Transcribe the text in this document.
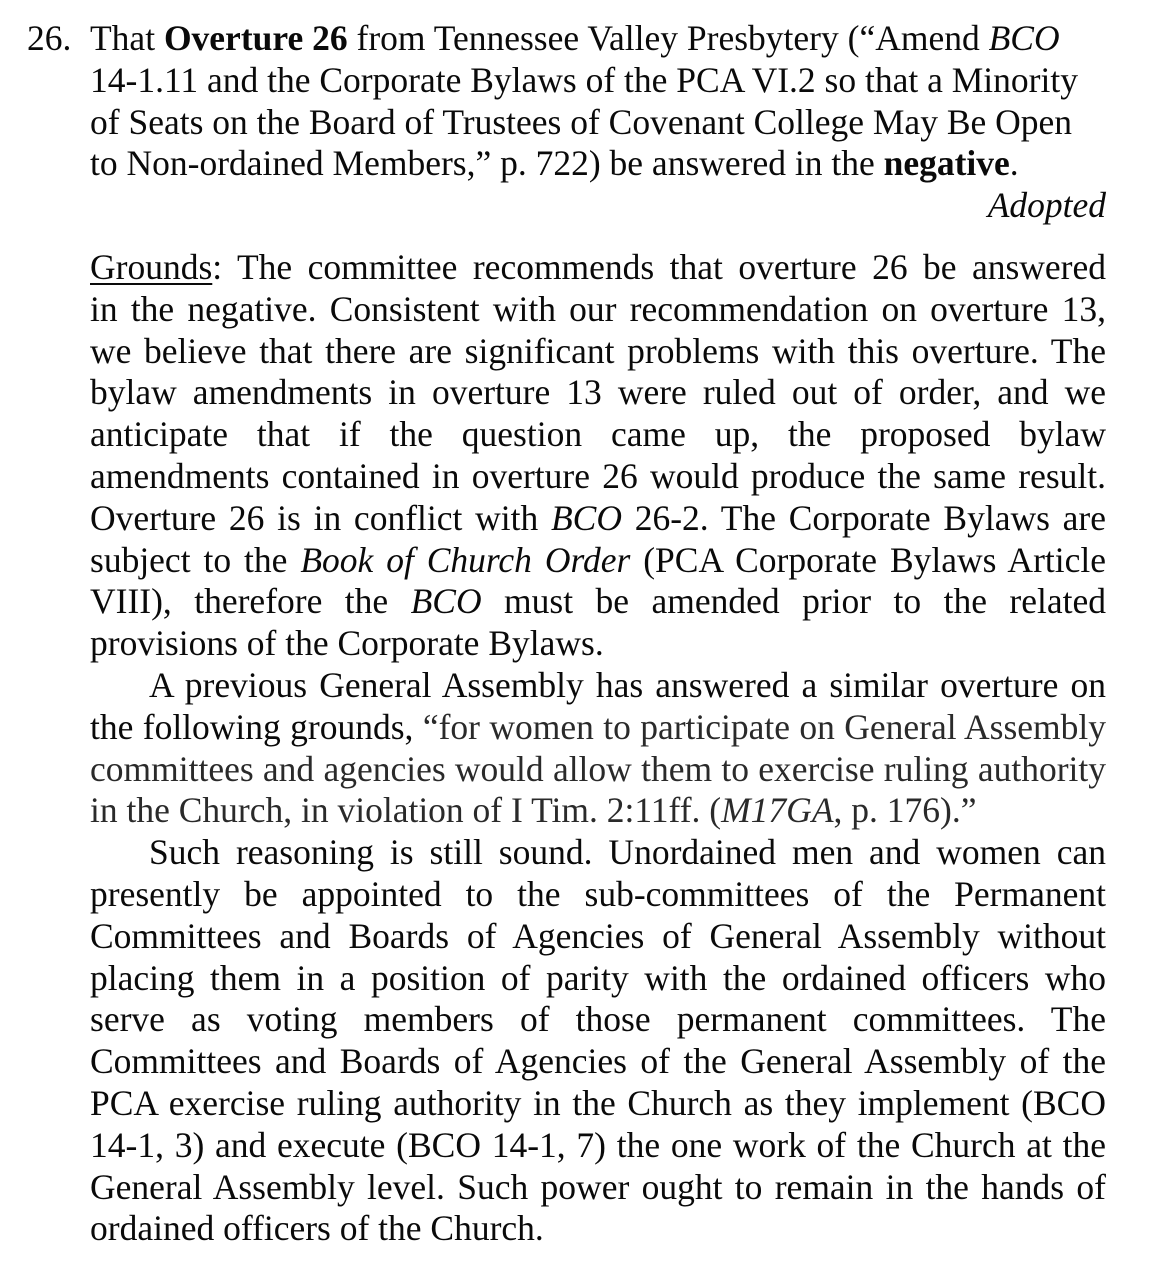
26. That Overture 26 from Tennessee Valley Presbytery (“Amend BCO
14-1.11 and the Corporate Bylaws of the PCA VI.2 so that a Minority
of Seats on the Board of Trustees of Covenant College May Be Open
to Non-ordained Members,” p. 722) be answered in the negative.

Adopted

Grounds: The committee recommends that overture 26 be answered
in the negative. Consistent with our recommendation on overture 13,
we believe that there are significant problems with this overture. The
bylaw amendments in overture 13 were ruled out of order, and we
anticipate that if the question came up, the proposed bylaw
amendments contained in overture 26 would produce the same result.
Overture 26 is in conflict with BCO 26-2. The Corporate Bylaws are
subject to the Book of Church Order (PCA Corporate Bylaws Article
VIII), therefore the BCO must be amended prior to the related
provisions of the Corporate Bylaws.
A previous General Assembly has answered a similar overture on
the following grounds, “for women to participate on General Assembly
committees and agencies would allow them to exercise ruling authority
in the Church, in violation of I Tim. 2:11ff. (M17GA, p. 176).”
Such reasoning is still sound. Unordained men and women can
presently be appointed to the sub-committees of the Permanent
Committees and Boards of Agencies of General Assembly without
placing them in a position of parity with the ordained officers who
serve as voting members of those permanent committees. The
Committees and Boards of Agencies of the General Assembly of the
PCA exercise ruling authority in the Church as they implement (BCO
14-1, 3) and execute (BCO 14-1, 7) the one work of the Church at the
General Assembly level. Such power ought to remain in the hands of
ordained officers of the Church.
